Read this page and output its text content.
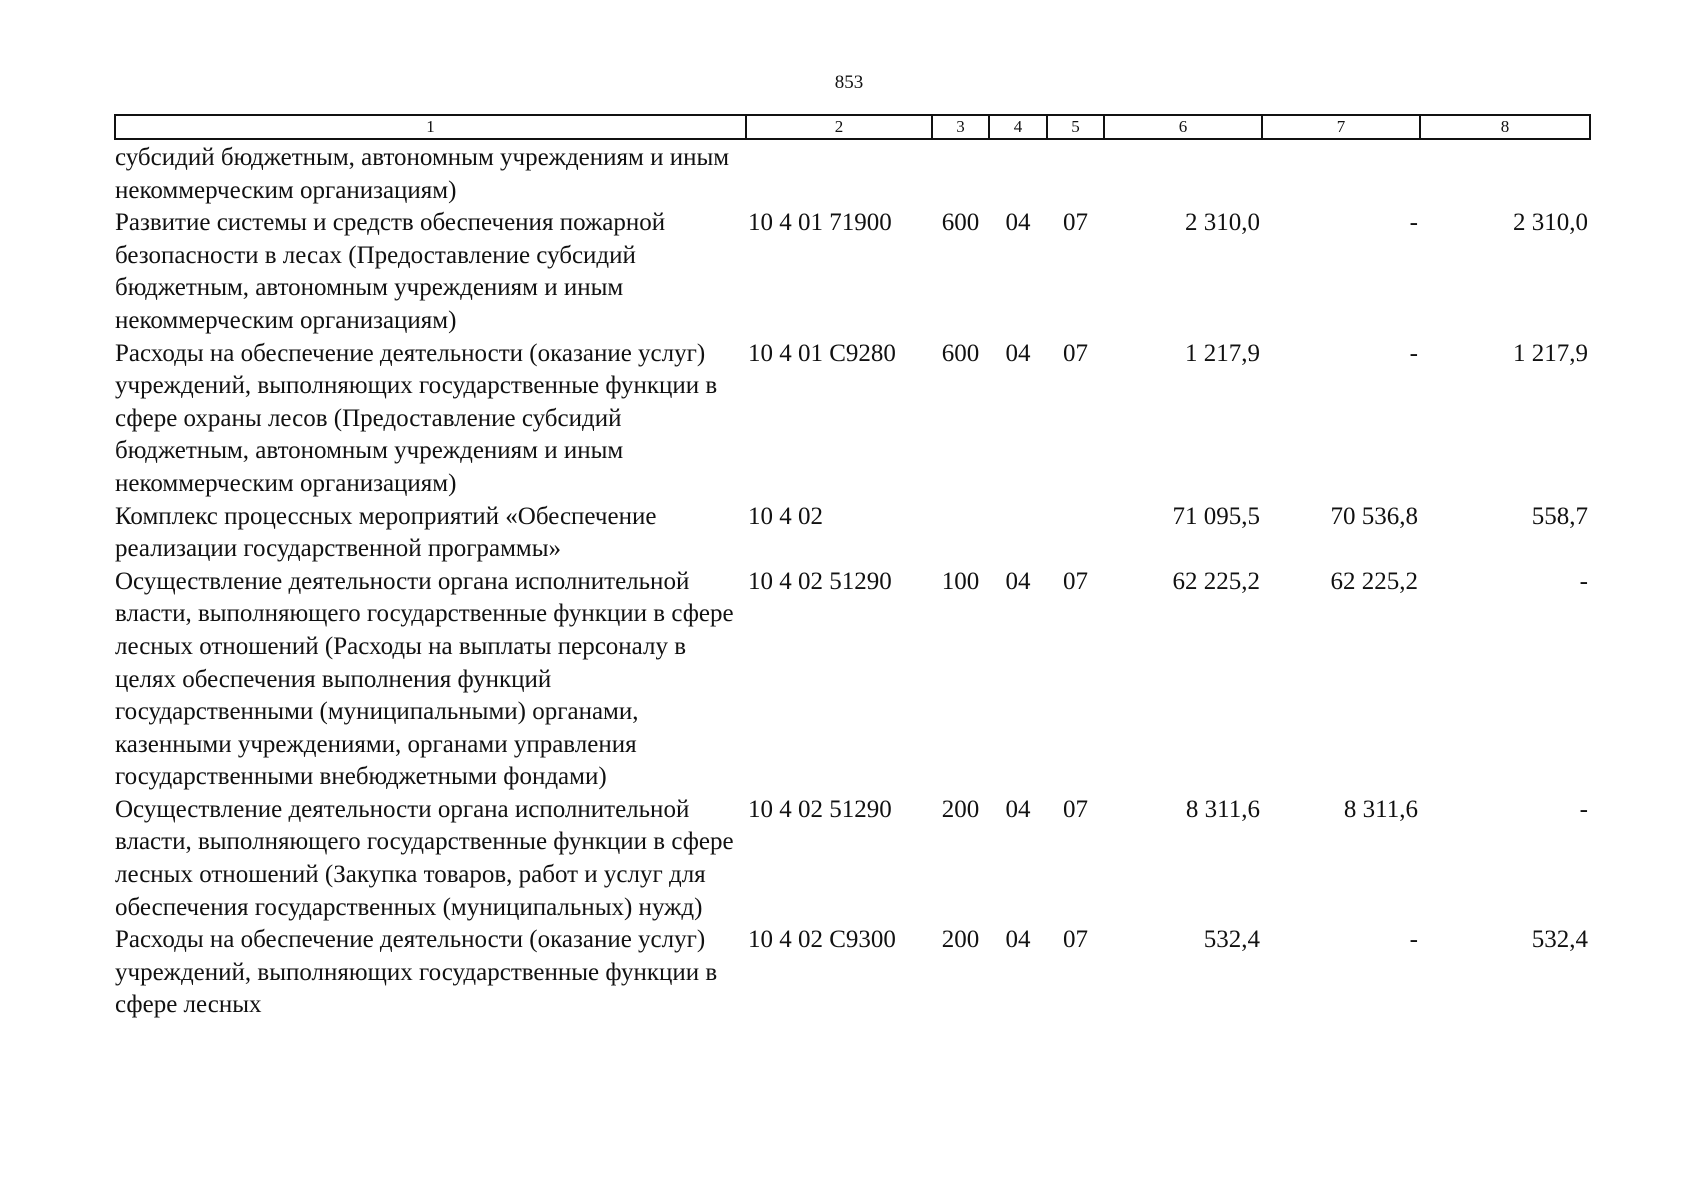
853
1	2	3	4	5	6	7	8
субсидий бюджетным, автономным учреждениям и иным некоммерческим организациям)							
Развитие системы и средств обеспечения пожарной безопасности в лесах (Предоставление субсидий бюджетным, автономным учреждениям и иным некоммерческим организациям)	10 4 01 71900	600	04	07	2 310,0	-	2 310,0
Расходы на обеспечение деятельности (оказание услуг) учреждений, выполняющих государственные функции в сфере охраны лесов (Предоставление субсидий бюджетным, автономным учреждениям и иным некоммерческим организациям)	10 4 01 С9280	600	04	07	1 217,9	-	1 217,9
Комплекс процессных мероприятий «Обеспечение реализации государственной программы»	10 4 02				71 095,5	70 536,8	558,7
Осуществление деятельности органа исполнительной власти, выполняющего государственные функции в сфере лесных отношений (Расходы на выплаты персоналу в целях обеспечения выполнения функций государственными (муниципальными) органами, казенными учреждениями, органами управления государственными внебюджетными фондами)	10 4 02 51290	100	04	07	62 225,2	62 225,2	-
Осуществление деятельности органа исполнительной власти, выполняющего государственные функции в сфере лесных отношений (Закупка товаров, работ и услуг для обеспечения государственных (муниципальных) нужд)	10 4 02 51290	200	04	07	8 311,6	8 311,6	-
Расходы на обеспечение деятельности (оказание услуг) учреждений, выполняющих государственные функции в сфере лесных	10 4 02 С9300	200	04	07	532,4	-	532,4
